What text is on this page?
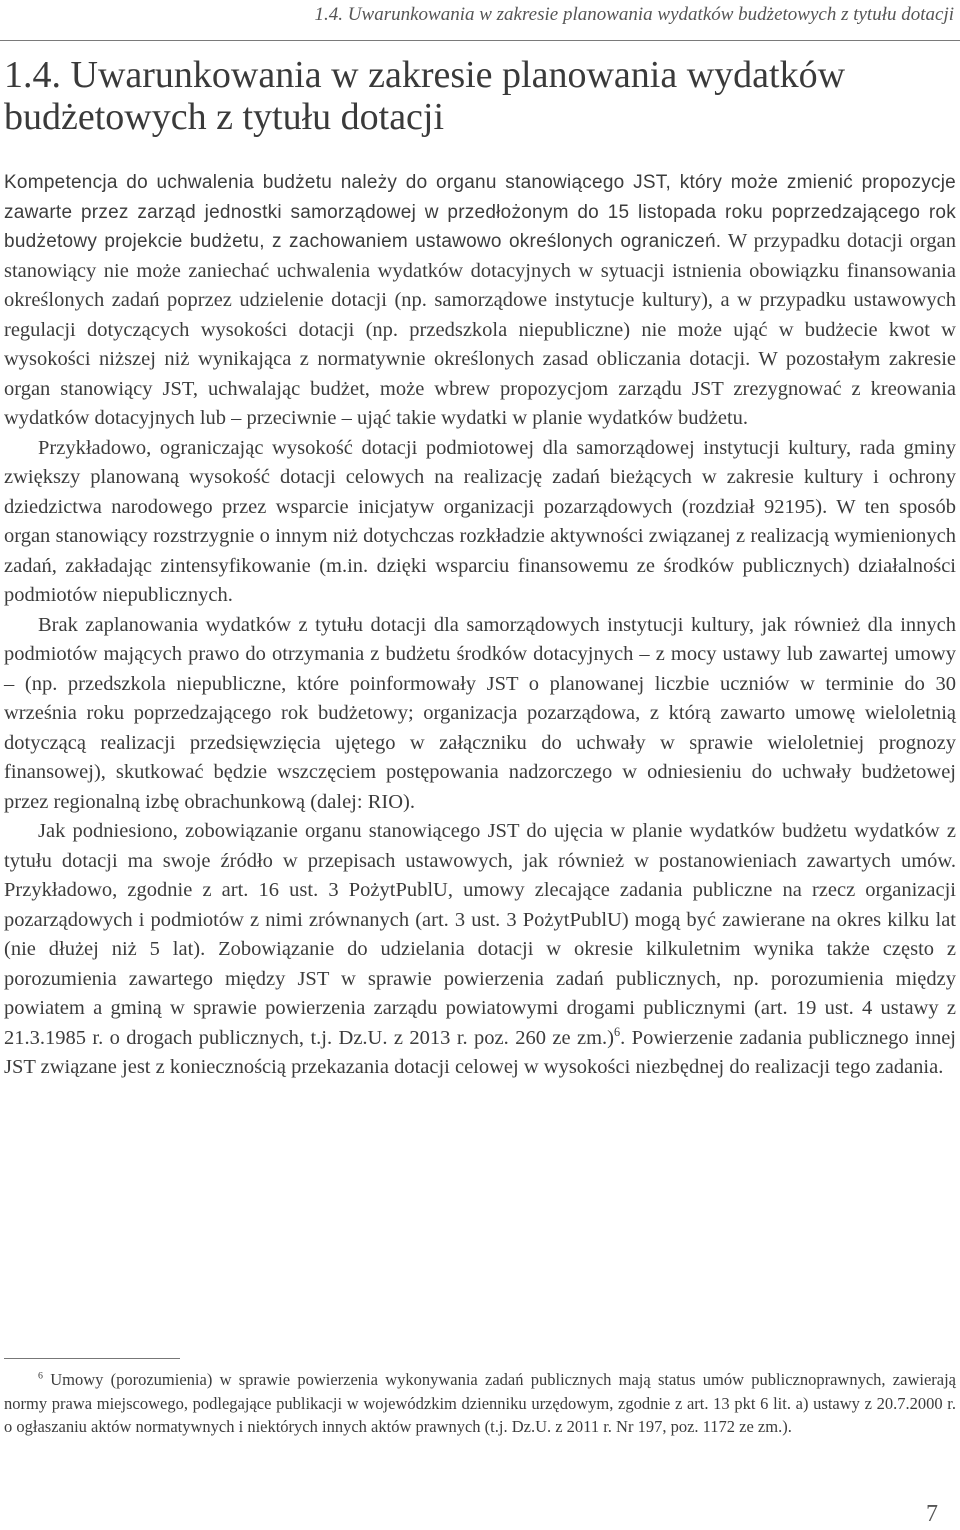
1.4. Uwarunkowania w zakresie planowania wydatków budżetowych z tytułu dotacji
1.4. Uwarunkowania w zakresie planowania wydatków budżetowych z tytułu dotacji

Kompetencja do uchwalenia budżetu należy do organu stanowiącego JST, który może zmienić propozycje zawarte przez zarząd jednostki samorządowej w przedłożonym do 15 listopada roku poprzedzającego rok budżetowy projekcie budżetu, z zachowaniem ustawowo określonych ograniczeń. W przypadku dotacji organ stanowiący nie może zaniechać uchwalenia wydatków dotacyjnych w sytuacji istnienia obowiązku finansowania określonych zadań poprzez udzielenie dotacji (np. samorządowe instytucje kultury), a w przypadku ustawowych regulacji dotyczących wysokości dotacji (np. przedszkola niepubliczne) nie może ująć w budżecie kwot w wysokości niższej niż wynikająca z normatywnie określonych zasad obliczania dotacji. W pozostałym zakresie organ stanowiący JST, uchwalając budżet, może wbrew propozycjom zarządu JST zrezygnować z kreowania wydatków dotacyjnych lub – przeciwnie – ująć takie wydatki w planie wydatków budżetu.

Przykładowo, ograniczając wysokość dotacji podmiotowej dla samorządowej instytucji kultury, rada gminy zwiększy planowaną wysokość dotacji celowych na realizację zadań bieżących w zakresie kultury i ochrony dziedzictwa narodowego przez wsparcie inicjatyw organizacji pozarządowych (rozdział 92195). W ten sposób organ stanowiący rozstrzygnie o innym niż dotychczas rozkładzie aktywności związanej z realizacją wymienionych zadań, zakładając zintensyfikowanie (m.in. dzięki wsparciu finansowemu ze środków publicznych) działalności podmiotów niepublicznych.

Brak zaplanowania wydatków z tytułu dotacji dla samorządowych instytucji kultury, jak również dla innych podmiotów mających prawo do otrzymania z budżetu środków dotacyjnych – z mocy ustawy lub zawartej umowy – (np. przedszkola niepubliczne, które poinformowały JST o planowanej liczbie uczniów w terminie do 30 września roku poprzedzającego rok budżetowy; organizacja pozarządowa, z którą zawarto umowę wieloletnią dotyczącą realizacji przedsięwzięcia ujętego w załączniku do uchwały w sprawie wieloletniej prognozy finansowej), skutkować będzie wszczęciem postępowania nadzorczego w odniesieniu do uchwały budżetowej przez regionalną izbę obrachunkową (dalej: RIO).

Jak podniesiono, zobowiązanie organu stanowiącego JST do ujęcia w planie wydatków budżetu wydatków z tytułu dotacji ma swoje źródło w przepisach ustawowych, jak również w postanowieniach zawartych umów. Przykładowo, zgodnie z art. 16 ust. 3 PożytPublU, umowy zlecające zadania publiczne na rzecz organizacji pozarządowych i podmiotów z nimi zrównanych (art. 3 ust. 3 PożytPublU) mogą być zawierane na okres kilku lat (nie dłużej niż 5 lat). Zobowiązanie do udzielania dotacji w okresie kilkuletnim wynika także często z porozumienia zawartego między JST w sprawie powierzenia zadań publicznych, np. porozumienia między powiatem a gminą w sprawie powierzenia zarządu powiatowymi drogami publicznymi (art. 19 ust. 4 ustawy z 21.3.1985 r. o drogach publicznych, t.j. Dz.U. z 2013 r. poz. 260 ze zm.)$^6$. Powierzenie zadania publicznego innej JST związane jest z koniecznością przekazania dotacji celowej w wysokości niezbędnej do realizacji tego zadania.

$^6$ Umowy (porozumienia) w sprawie powierzenia wykonywania zadań publicznych mają status umów publicznoprawnych, zawierają normy prawa miejscowego, podlegające publikacji w wojewódzkim dzienniku urzędowym, zgodnie z art. 13 pkt 6 lit. a) ustawy z 20.7.2000 r. o ogłaszaniu aktów normatywnych i niektórych innych aktów prawnych (t.j. Dz.U. z 2011 r. Nr 197, poz. 1172 ze zm.).

7
